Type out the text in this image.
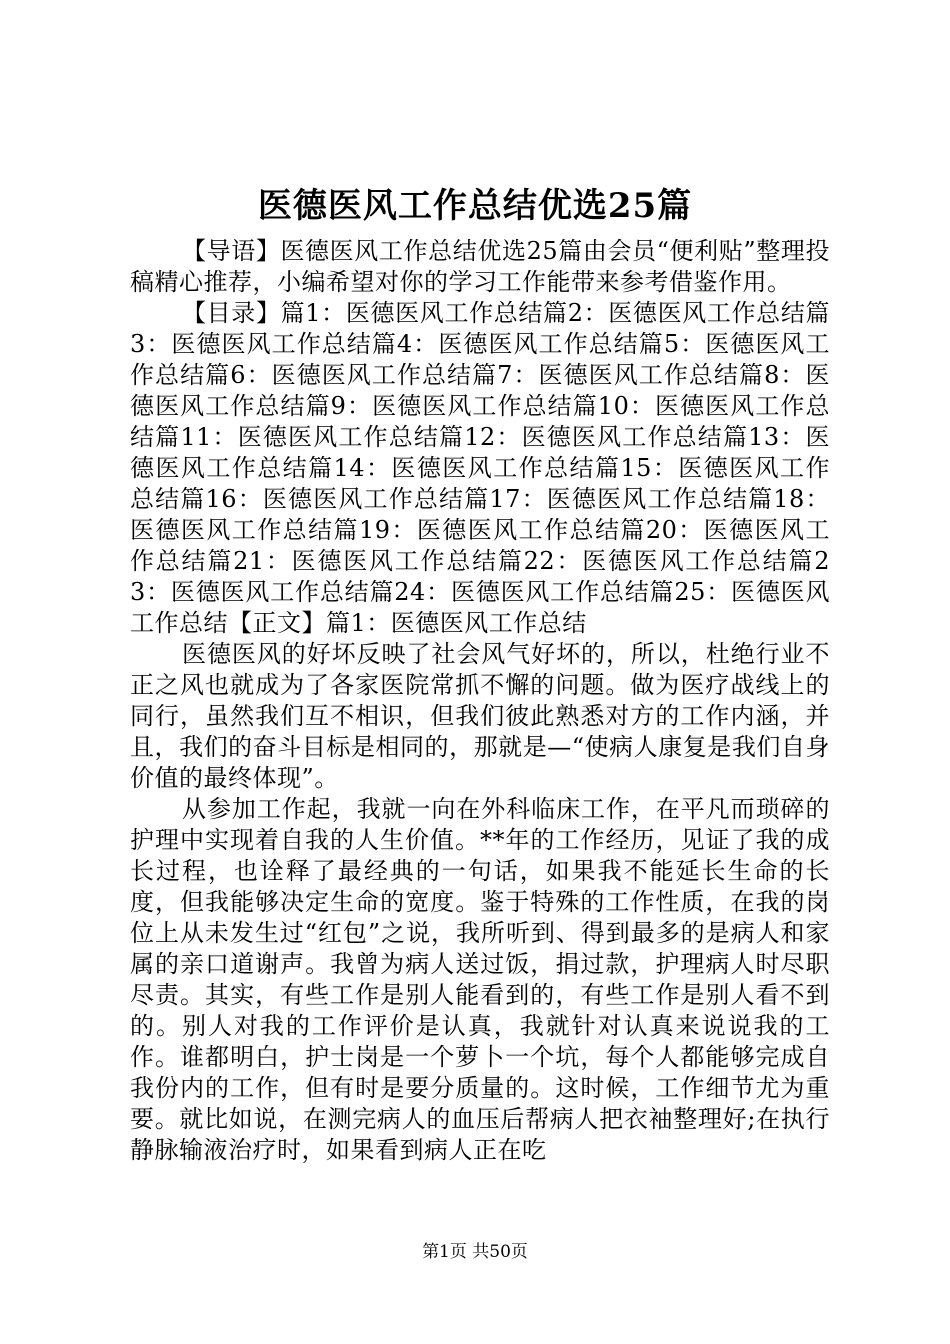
医德医风工作总结优选25篇

【导语】医德医风工作总结优选25篇由会员“便利贴”整理投稿精心推荐，小编希望对你的学习工作能带来参考借鉴作用。

【目录】篇1：医德医风工作总结篇2：医德医风工作总结篇3：医德医风工作总结篇4：医德医风工作总结篇5：医德医风工作总结篇6：医德医风工作总结篇7：医德医风工作总结篇8：医德医风工作总结篇9：医德医风工作总结篇10：医德医风工作总结篇11：医德医风工作总结篇12：医德医风工作总结篇13：医德医风工作总结篇14：医德医风工作总结篇15：医德医风工作总结篇16：医德医风工作总结篇17：医德医风工作总结篇18：医德医风工作总结篇19：医德医风工作总结篇20：医德医风工作总结篇21：医德医风工作总结篇22：医德医风工作总结篇23：医德医风工作总结篇24：医德医风工作总结篇25：医德医风工作总结【正文】篇1：医德医风工作总结

医德医风的好坏反映了社会风气好坏的，所以，杜绝行业不正之风也就成为了各家医院常抓不懈的问题。做为医疗战线上的同行，虽然我们互不相识，但我们彼此熟悉对方的工作内涵，并且，我们的奋斗目标是相同的，那就是—“使病人康复是我们自身价值的最终体现”。

从参加工作起，我就一向在外科临床工作，在平凡而琐碎的护理中实现着自我的人生价值。**年的工作经历，见证了我的成长过程，也诠释了最经典的一句话，如果我不能延长生命的长度，但我能够决定生命的宽度。鉴于特殊的工作性质，在我的岗位上从未发生过“红包”之说，我所听到、得到最多的是病人和家属的亲口道谢声。我曾为病人送过饭，捐过款，护理病人时尽职尽责。其实，有些工作是别人能看到的，有些工作是别人看不到的。别人对我的工作评价是认真，我就针对认真来说说我的工作。谁都明白，护士岗是一个萝卜一个坑，每个人都能够完成自我份内的工作，但有时是要分质量的。这时候，工作细节尤为重要。就比如说，在测完病人的血压后帮病人把衣袖整理好;在执行静脉输液治疗时，如果看到病人正在吃

第1页 共50页
